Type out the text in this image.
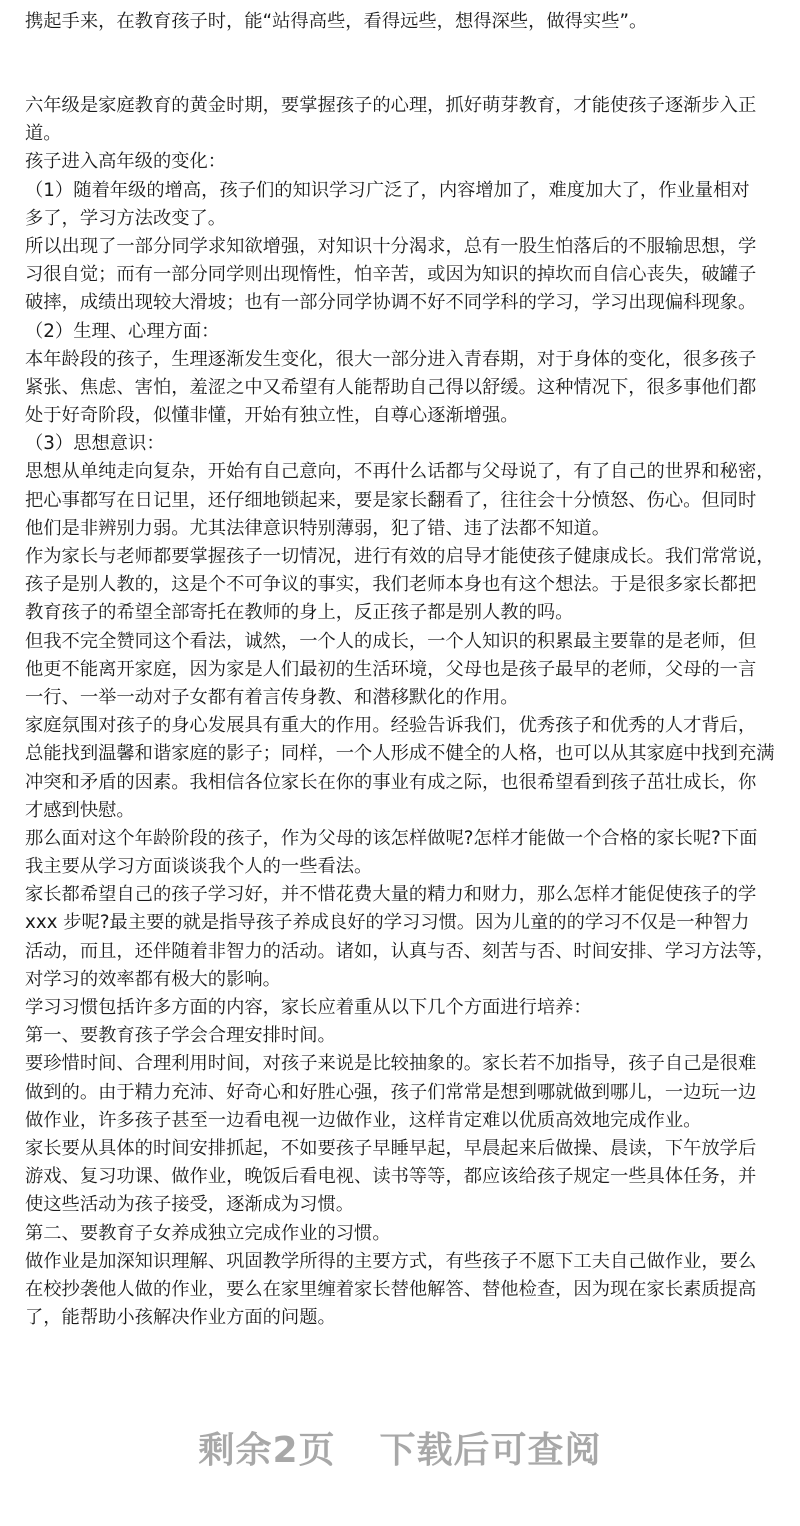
携起手来，在教育孩子时，能“站得高些，看得远些，想得深些，做得实些”。
六年级是家庭教育的黄金时期，要掌握孩子的心理，抓好萌芽教育，才能使孩子逐渐步入正
道。
孩子进入高年级的变化：
（1）随着年级的增高，孩子们的知识学习广泛了，内容增加了，难度加大了，作业量相对
多了，学习方法改变了。
所以出现了一部分同学求知欲增强，对知识十分渴求，总有一股生怕落后的不服输思想，学
习很自觉；而有一部分同学则出现惰性，怕辛苦，或因为知识的掉坎而自信心丧失，破罐子
破摔，成绩出现较大滑坡；也有一部分同学协调不好不同学科的学习，学习出现偏科现象。
（2）生理、心理方面：
本年龄段的孩子，生理逐渐发生变化，很大一部分进入青春期，对于身体的变化，很多孩子
紧张、焦虑、害怕，羞涩之中又希望有人能帮助自己得以舒缓。这种情况下，很多事他们都
处于好奇阶段，似懂非懂，开始有独立性，自尊心逐渐增强。
（3）思想意识：
思想从单纯走向复杂，开始有自己意向，不再什么话都与父母说了，有了自己的世界和秘密，
把心事都写在日记里，还仔细地锁起来，要是家长翻看了，往往会十分愤怒、伤心。但同时
他们是非辨别力弱。尤其法律意识特别薄弱，犯了错、违了法都不知道。
作为家长与老师都要掌握孩子一切情况，进行有效的启导才能使孩子健康成长。我们常常说，
孩子是别人教的，这是个不可争议的事实，我们老师本身也有这个想法。于是很多家长都把
教育孩子的希望全部寄托在教师的身上，反正孩子都是别人教的吗。
但我不完全赞同这个看法，诚然，一个人的成长，一个人知识的积累最主要靠的是老师，但
他更不能离开家庭，因为家是人们最初的生活环境，父母也是孩子最早的老师，父母的一言
一行、一举一动对子女都有着言传身教、和潜移默化的作用。
家庭氛围对孩子的身心发展具有重大的作用。经验告诉我们，优秀孩子和优秀的人才背后，
总能找到温馨和谐家庭的影子；同样，一个人形成不健全的人格，也可以从其家庭中找到充满
冲突和矛盾的因素。我相信各位家长在你的事业有成之际，也很希望看到孩子茁壮成长，你
才感到快慰。
那么面对这个年龄阶段的孩子，作为父母的该怎样做呢?怎样才能做一个合格的家长呢?下面
我主要从学习方面谈谈我个人的一些看法。
家长都希望自己的孩子学习好，并不惜花费大量的精力和财力，那么怎样才能促使孩子的学
xxx 步呢?最主要的就是指导孩子养成良好的学习习惯。因为儿童的的学习不仅是一种智力
活动，而且，还伴随着非智力的活动。诸如，认真与否、刻苦与否、时间安排、学习方法等，
对学习的效率都有极大的影响。
学习习惯包括许多方面的内容，家长应着重从以下几个方面进行培养：
第一、要教育孩子学会合理安排时间。
要珍惜时间、合理利用时间，对孩子来说是比较抽象的。家长若不加指导，孩子自己是很难
做到的。由于精力充沛、好奇心和好胜心强，孩子们常常是想到哪就做到哪儿，一边玩一边
做作业，许多孩子甚至一边看电视一边做作业，这样肯定难以优质高效地完成作业。
家长要从具体的时间安排抓起，不如要孩子早睡早起，早晨起来后做操、晨读，下午放学后
游戏、复习功课、做作业，晚饭后看电视、读书等等，都应该给孩子规定一些具体任务，并
使这些活动为孩子接受，逐渐成为习惯。
第二、要教育子女养成独立完成作业的习惯。
做作业是加深知识理解、巩固教学所得的主要方式，有些孩子不愿下工夫自己做作业，要么
在校抄袭他人做的作业，要么在家里缠着家长替他解答、替他检查，因为现在家长素质提高
了，能帮助小孩解决作业方面的问题。
剩余2页 下载后可查阅
